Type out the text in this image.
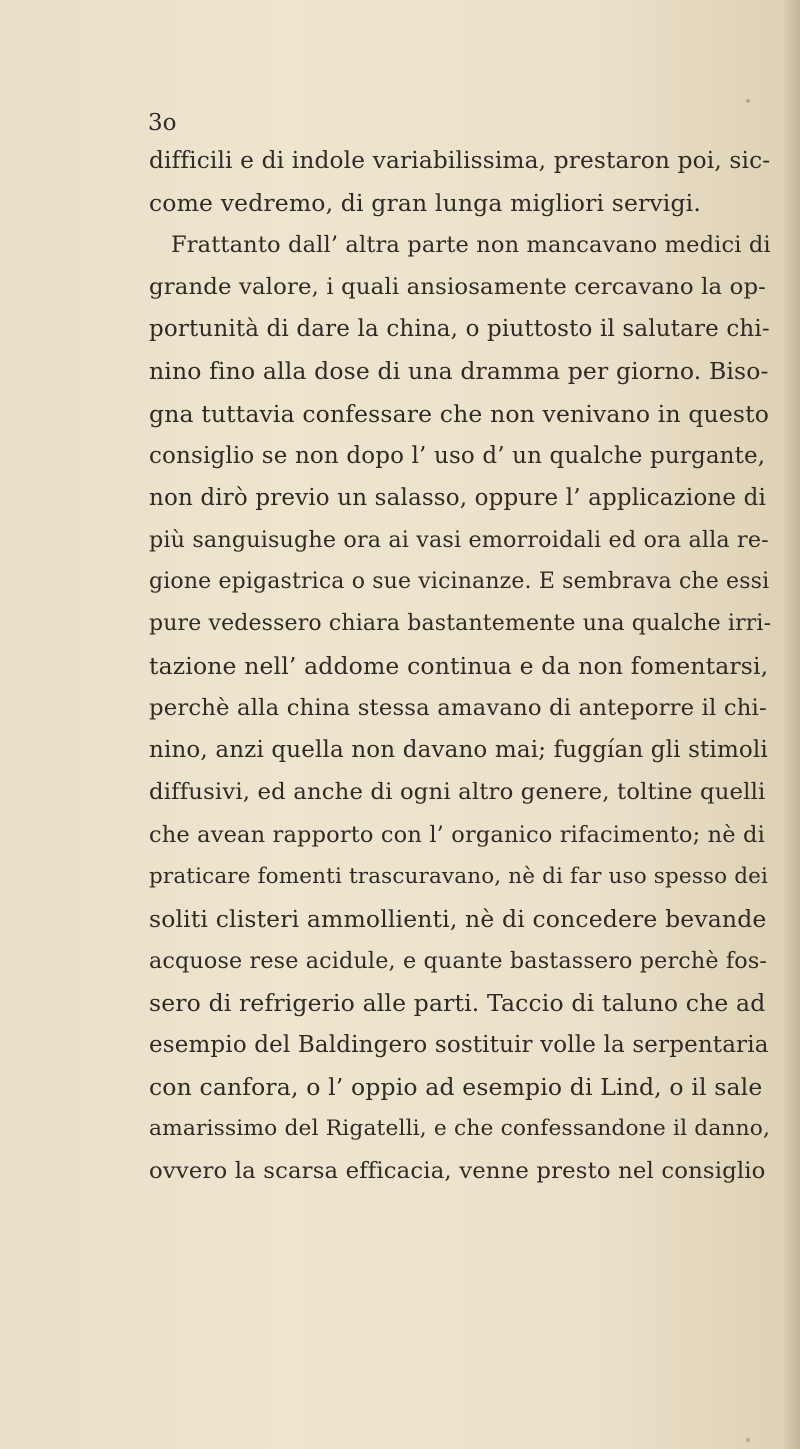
3o
difficili e di indole variabilissima, prestaron poi, sic-
come vedremo, di gran lunga migliori servigi.
Frattanto dall’ altra parte non mancavano medici di
grande valore, i quali ansiosamente cercavano la op-
portunità di dare la china, o piuttosto il salutare chi-
nino fino alla dose di una dramma per giorno. Biso-
gna tuttavia confessare che non venivano in questo
consiglio se non dopo l’ uso d’ un qualche purgante,
non dirò previo un salasso, oppure l’ applicazione di
più sanguisughe ora ai vasi emorroidali ed ora alla re-
gione epigastrica o sue vicinanze. E sembrava che essi
pure vedessero chiara bastantemente una qualche irri-
tazione nell’ addome continua e da non fomentarsi,
perchè alla china stessa amavano di anteporre il chi-
nino, anzi quella non davano mai; fuggían gli stimoli
diffusivi, ed anche di ogni altro genere, toltine quelli
che avean rapporto con l’ organico rifacimento; nè di
praticare fomenti trascuravano, nè di far uso spesso dei
soliti clisteri ammollienti, nè di concedere bevande
acquose rese acidule, e quante bastassero perchè fos-
sero di refrigerio alle parti. Taccio di taluno che ad
esempio del Baldingero sostituir volle la serpentaria
con canfora, o l’ oppio ad esempio di Lind, o il sale
amarissimo del Rigatelli, e che confessandone il danno,
ovvero la scarsa efficacia, venne presto nel consiglio
